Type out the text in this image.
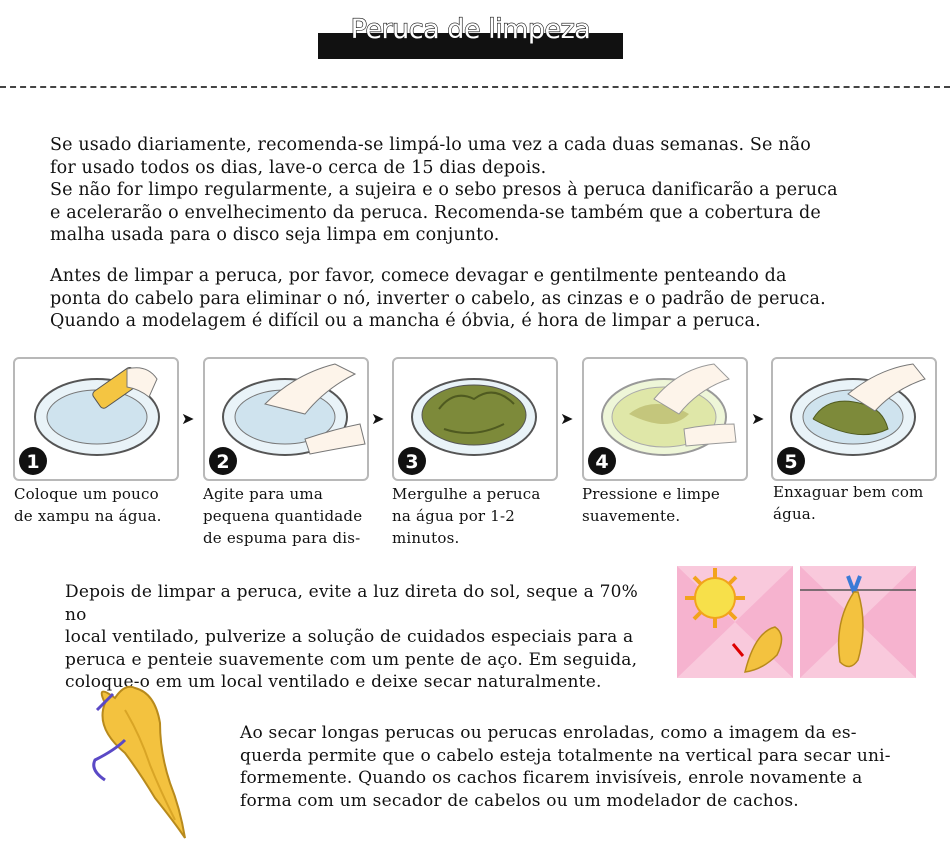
Peruca de limpeza
Se usado diariamente, recomenda-se limpá-lo uma vez a cada duas semanas. Se não
for usado todos os dias, lave-o cerca de 15 dias depois.
Se não for limpo regularmente, a sujeira e o sebo presos à peruca danificarão a peruca
e acelerarão o envelhecimento da peruca. Recomenda-se também que a cobertura de
malha usada para o disco seja limpa em conjunto.
Antes de limpar a peruca, por favor, comece devagar e gentilmente penteando da
ponta do cabelo para eliminar o nó, inverter o cabelo, as cinzas e o padrão de peruca.
Quando a modelagem é difícil ou a mancha é óbvia, é hora de limpar a peruca.
1
➤
2
➤
3
➤
4
➤
5
Coloque um pouco
de xampu na água.
Agite para uma
pequena quantidade
de espuma para dis-
Mergulhe a peruca
na água por 1-2
minutos.
Pressione e limpe
suavemente.
Enxaguar bem com
água.
Depois de limpar a peruca, evite a luz direta do sol, seque a 70% no
local ventilado, pulverize a solução de cuidados especiais para a
peruca e penteie suavemente com um pente de aço. Em seguida,
coloque-o em um local ventilado e deixe secar naturalmente.
Ao secar longas perucas ou perucas enroladas, como a imagem da es-
querda permite que o cabelo esteja totalmente na vertical para secar uni-
formemente. Quando os cachos ficarem invisíveis, enrole novamente a
forma com um secador de cabelos ou um modelador de cachos.
